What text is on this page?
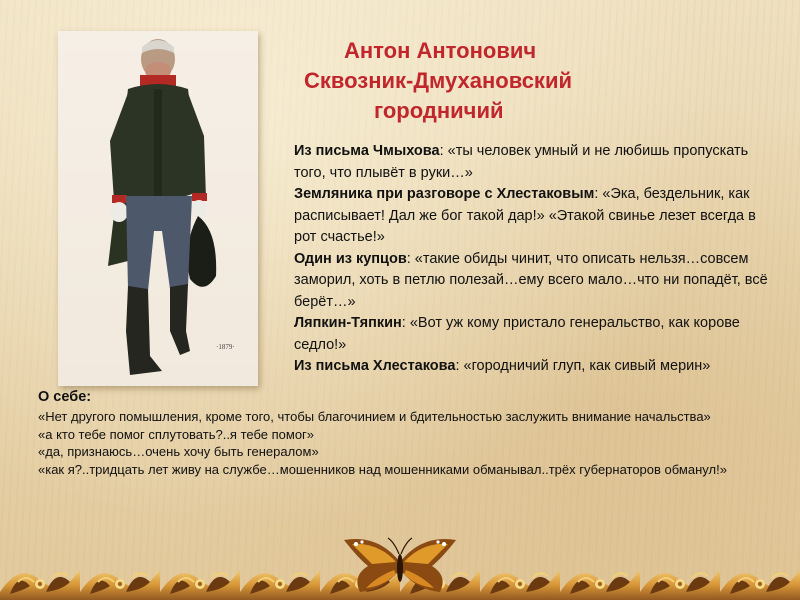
·1879·
Антон Антонович
Сквозник-Дмухановский
городничий

Из письма Чмыхова: «ты человек умный и не любишь пропускать того, что плывёт в руки…»

Земляника при разговоре с Хлестаковым: «Эка, бездельник, как расписывает! Дал же бог такой дар!» «Этакой свинье лезет всегда в рот счастье!»

Один из купцов: «такие обиды чинит, что описать нельзя…совсем заморил, хоть в петлю полезай…ему всего мало…что ни попадёт, всё берёт…»

Ляпкин-Тяпкин: «Вот уж кому пристало генеральство, как корове седло!»

Из письма Хлестакова: «городничий глуп, как сивый мерин»

О себе:

«Нет другого помышления, кроме того, чтобы благочинием и бдительностью заслужить внимание начальства»

«а кто тебе помог сплутовать?..я тебе помог»

«да, признаюсь…очень хочу быть генералом»

«как я?..тридцать лет живу на службе…мошенников над мошенниками обманывал..трёх губернаторов обманул!»
